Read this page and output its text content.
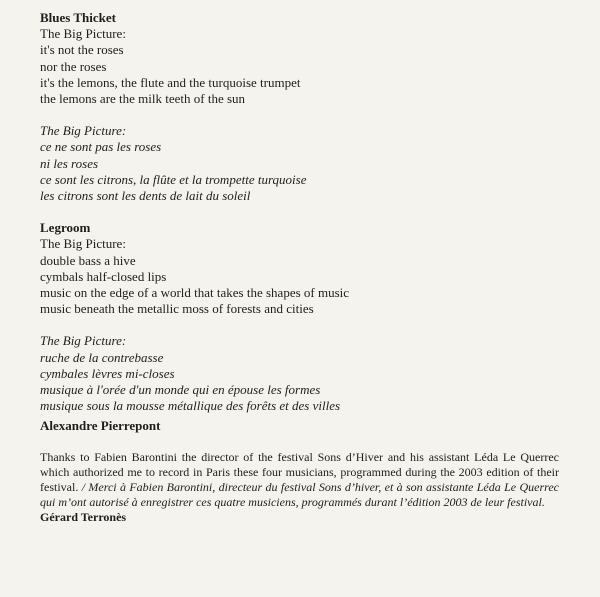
Blues Thicket
The Big Picture:
it's not the roses
nor the roses
it's the lemons, the flute and the turquoise trumpet
the lemons are the milk teeth of the sun
The Big Picture:
ce ne sont pas les roses
ni les roses
ce sont les citrons, la flûte et la trompette turquoise
les citrons sont les dents de lait du soleil
Legroom
The Big Picture:
double bass a hive
cymbals half-closed lips
music on the edge of a world that takes the shapes of music
music beneath the metallic moss of forests and cities
The Big Picture:
ruche de la contrebasse
cymbales lèvres mi-closes
musique à l'orée d'un monde qui en épouse les formes
musique sous la mousse métallique des forêts et des villes
Alexandre Pierrepont
Thanks to Fabien Barontini the director of the festival Sons d’Hiver and his assistant Léda Le Querrec which authorized me to record in Paris these four musicians, programmed during the 2003 edition of their festival. / Merci à Fabien Barontini, directeur du festival Sons d’hiver, et à son assistante Léda Le Querrec qui m’ont autorisé à enregistrer ces quatre musiciens, programmés durant l’édition 2003 de leur festival.
Gérard Terronès
